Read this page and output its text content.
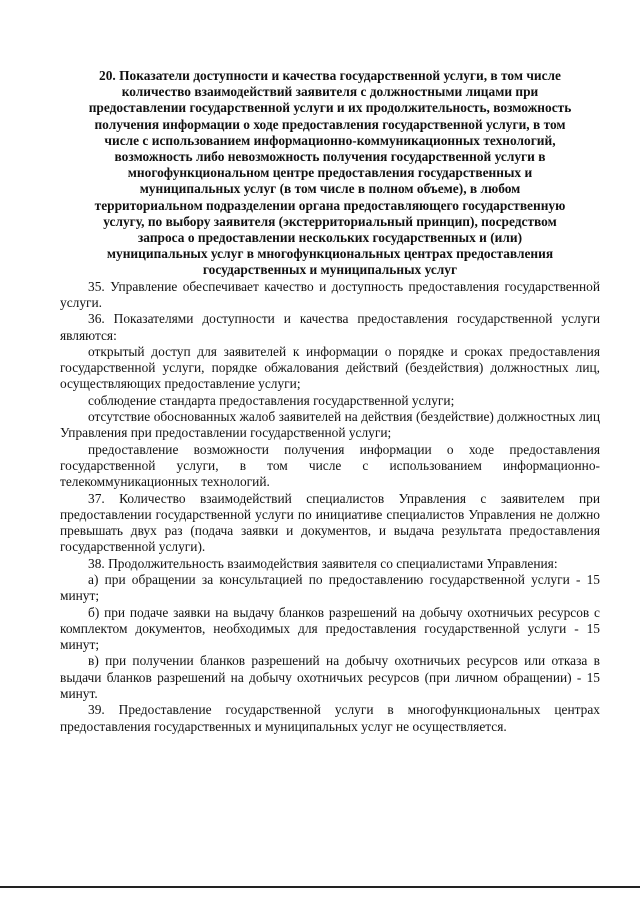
20. Показатели доступности и качества государственной услуги, в том числе
количество взаимодействий заявителя с должностными лицами при
предоставлении государственной услуги и их продолжительность, возможность
получения информации о ходе предоставления государственной услуги, в том
числе с использованием информационно-коммуникационных технологий,
возможность либо невозможность получения государственной услуги в
многофункциональном центре предоставления государственных и
муниципальных услуг (в том числе в полном объеме), в любом
территориальном подразделении органа предоставляющего государственную
услугу, по выбору заявителя (экстерриториальный принцип), посредством
запроса о предоставлении нескольких государственных и (или)
муниципальных услуг в многофункциональных центрах предоставления
государственных и муниципальных услуг

35. Управление обеспечивает качество и доступность предоставления государственной услуги.

36. Показателями доступности и качества предоставления государственной услуги являются:

открытый доступ для заявителей к информации о порядке и сроках предоставления государственной услуги, порядке обжалования действий (бездействия) должностных лиц, осуществляющих предоставление услуги;

соблюдение стандарта предоставления государственной услуги;

отсутствие обоснованных жалоб заявителей на действия (бездействие) должностных лиц Управления при предоставлении государственной услуги;

предоставление возможности получения информации о ходе предоставления государственной услуги, в том числе с использованием информационно-телекоммуникационных технологий.

37. Количество взаимодействий специалистов Управления с заявителем при предоставлении государственной услуги по инициативе специалистов Управления не должно превышать двух раз (подача заявки и документов, и выдача результата предоставления государственной услуги).

38. Продолжительность взаимодействия заявителя со специалистами Управления:

а) при обращении за консультацией по предоставлению государственной услуги - 15 минут;

б) при подаче заявки на выдачу бланков разрешений на добычу охотничьих ресурсов с комплектом документов, необходимых для предоставления государственной услуги - 15 минут;

в) при получении бланков разрешений на добычу охотничьих ресурсов или отказа в выдачи бланков разрешений на добычу охотничьих ресурсов (при личном обращении) - 15 минут.

39. Предоставление государственной услуги в многофункциональных центрах предоставления государственных и муниципальных услуг не осуществляется.
